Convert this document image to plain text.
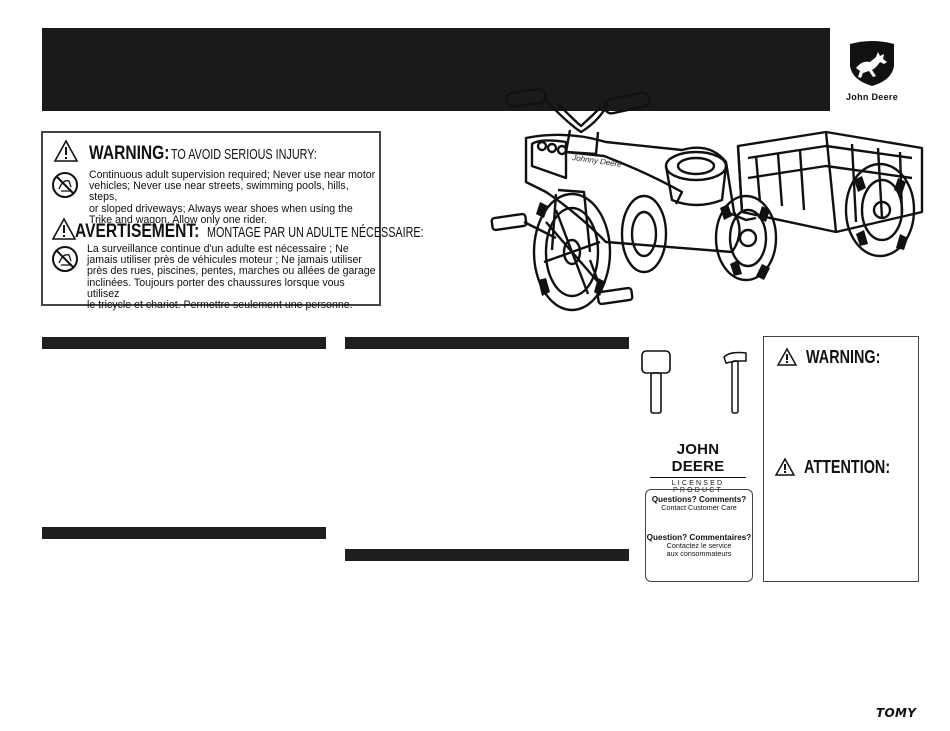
John Deere
Johnny Deere
WARNING: TO AVOID SERIOUS INJURY:
Continuous adult supervision required; Never use near motor
vehicles; Never use near streets, swimming pools, hills, steps,
or sloped driveways; Always wear shoes when using the
Trike and wagon. Allow only one rider.
AVERTISEMENT: MONTAGE PAR UN ADULTE NÉCESSAIRE:
La surveillance continue d'un adulte est nécessaire ; Ne
jamais utiliser près de véhicules moteur ; Ne jamais utiliser
près des rues, piscines, pentes, marches ou allées de garage
inclinées. Toujours porter des chaussures lorsque vous utilisez
le tricycle et chariot. Permettre seulement une personne.
JOHN DEERE
LICENSED PRODUCT
Questions? Comments?
Contact Customer Care
Question? Commentaires?
Contactez le service
aux consommateurs
WARNING:
ATTENTION:
TOMY
